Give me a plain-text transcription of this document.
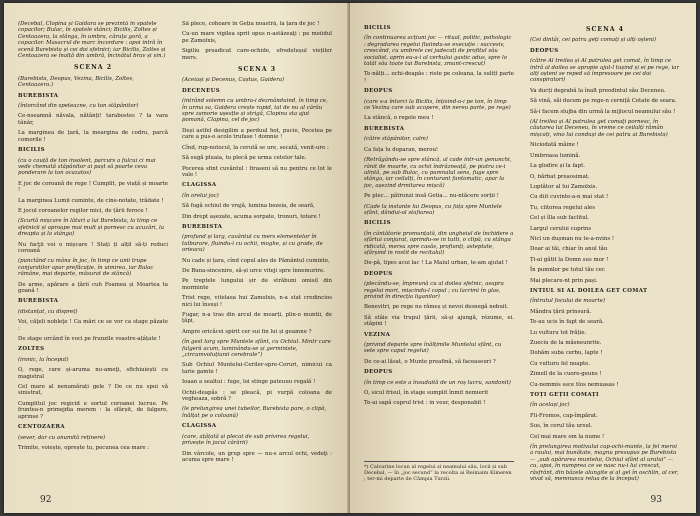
(Decebal, Clopina și Gaidara se prezintă în spatele copacilor; Bulac, în spatele stânci; Bicilis, Zoltes și Centoazera, la stânga, în umbra, căruța goră, a copacilor. Masacrul de marc încordare : apoi intră în scenă Burebista și cei doi sfetnici; iar Bicilis, Zoltes și Centoazera se înalță din umbră, încinătul brav și vin.)
SCENA 2
(Burebista, Deopus, Vezina, Bicilis, Zoltes, Centoazera.)
BUREBISTA
(întorcând din speteazne, cu ton stăpânitor)
Ce-nseamnă năvala, nătânți! tarabostes ? la vara tânăr,
La marginea de țară, la meargina de codru, parcă comorile !
BICILIS
(cu o cauță de ton insolent, parcurs a fulcui ci mai vede chemată stăpânitor ai pașt să poarte ceva ponderare la ton ocazatos)
E joc de coroană de rege ! Cumplit, pe viață și moarte !
La marginea Lumii cuminte, de cine-notate, trădate !
E jocul coroanelor regilor mici, de țării feroce !
(Scurtă mișcare în lături a lui Burebista, la timp ce sfetnicii și aproape mai mult și pornesc cu acuzări, la dreapta și la stânga)
Nu facţii voi o mișcare ! Stați ți alțil să-ți reduci coroană
(punctând cu mâna în joc, în timp ce unii trupe conjuratilor apar prefăcuţie, în uimirea, iar Bulac rămâne, mai departe, măsurat de stâncă)
De arme, apărare a țării cuh Foamea și Moartea ta goană !
BUREBISTA
(distanțat, cu dispreț)
Voi, căţeli nobleţe ! Ca mări ce se vor ca stage păzate :
De stage urcând în voci pe frunzile voastre-ațâțate !
ZOLTES
(ironic, la început)
O, rege, care și-aruma nu-ameţi, sfichiuiești cu magistral
Cel mare al nenumărați gelе ? De ce nu spui vă sinistrat,
Cumplitul joc regicid e sortul coroanei lucrue. Pe frunteа-n primejdia merem : la sfârșit, de falgere, aprinse ?
CENTOZAERA
(sever, dar cu anumită reținere)
Trimite, voiește, oprește tu, pecunea ceа mare :
Să plece, cohoare în Geția noastră, la țara de joc !
Cu-un mare vigilea sprit opus n-astăzeaţi : pe meiidul pe Zamolxis,
Sigiliu preadicat care-ochide, sfredelușul viețiler mers.
SCENA 3
(Aceiași și Decenus, Caștus, Gaidera)
DECENEUS
(intrând solemn cu umbra-i dezmânduind, în timp ce, în urma sa, Gaidera crește rapid, tal de nu al cărău spre zamorie ușesțte și strigă, Clopina sta ajut pomană, Clapina, cel de joc)
Deși astfel desigilim a perduul hoț, pucie, Pecetea pe care a pus-o acolo trufase ! domnie !
Cînd, rup-notocul, la cerută se ure, secată, venit-ure :
Să sugă pluaia, tu plecă pe urma cetelor tale.
Pocerea sfint cuvântul : firaseni să nu pentru ce lot le vale !
CLAGISSA
(în orelui joc)
Să fugă ochiul de vrajă, lumina bezeia, de seară,
Din drept așezate, acuma sorpate, tronuri, totare !
BUREBISTA
(profund și larg, cuvântul cu mers elementelor în tulburare, fluindu-i cu ochii, moghe, și cu grade, de orieacu)
Nu cade și țara, cînd copul ales de Pământul cuminte,
De Buna-sincenire, să-și urce viteji spre înnemurire.
Pe treptele lungului șir de străbuni omisil din morminte
Trist rege, vitelaea hui Zamolxis, n-a stat credincios nici lui însuși !
Fugar, n-a tras din arcul de moarți, plin-o muntii, de țăpi,
Ampre oricăcei spirit cer sui fin lui și geamne ?
(în gest larg spre Muntele sfânt, cu Ochiul. Mintr care fulgeră acum, luminându-se și gerministe, „circumvoluțiunii cerebrale”)
Sub Ochiul Muntelui-Ceriler-spre-Ceruri, nimicui ca tarie gamte !
Ioaan a sealtui : fuge, loi stinge pateuuu regală !
Ochii-deapăs : se pleacă, pi vurpă coloana de vegheaza, sobră ?
(le prelungirea unei tubeilor, Burebista pare, o clipă, înălțat pe o coloană)
CLAGISSA
(care, ațâțată și plecat de sub privirea regelui, privește în jocul cărării)
Din vârcole, un grup spre — nu-s arcul ochi, vedeţi : acuma spre mare !
92
BICILIS
(în continuarea acțiuni joc — ritual, politic, psihologic : degradarea regelui fluiindu-se execuție : succesiv, crescând, cu umbrele cei judecați de profitul său socialist, aprin eu-a-i al cerhului gastic adus, spre lo tatăl său toate tui Burebista, zmunt-crescut)
Te-nălți... ochi-deapăs : riste pe coloana, la sulițt parte !
DEOPUS
(care s-a întorci la Bicilis, înțisind-o-i pe ton, în timp ce Vezina care sub acopere, din nereu parte, pe rege)
La stâncă, o regele meu !
BUREBISTA
(către stăpânitor, calm)
Ca fața lu doparan, merou!
(Retrăgându-se spre stâncă, al cade intr-un genunchi, rănit de moarte, cu ochii îndrâzneață, pe piatra ce-i alintă, pe sub Bulac, cu pumnalul sens, fuge spre stânga, iar ceilalți, în conturant fantomatic, apar la joc, așezind drmitarea mișcă)
Pe plec... pătrunzi insă Getia... nu-ntăcere sorții !
(Cade la instante lui Deopus, cu fața spre Muntele sfânt, dândui-ol stafiarea)
BICILIS
(în cântătorie promunțată, din ungheiul de închidere a sfârtui conjurat, oprindu-se in tutti, o clipă, cu stânga ridicată, mersu spre casăs, profiunți, asteptate, sfârșind in rostit de recitalul)
De-pă, tipes acui lac ! La Maiul urban, te-am ajutat !
DEOPUS
(plecându-se, împreună cu al doilea sfetnic, asupra regelui mort, mișcindu-l copul ; cu lacrimi în glas, privind în direcția liganilor)
Benevitri, pe rege nu rămeș și nevoi desnegă nebuit.
Să stâie via trupul țării, să-și ajungă, rézume, ei. stăpini !
VEZINA
(privind departe spre înălțimile Muntelui sfânt, cu sete spre capul regelui)
De ce-ai lăsat, o Munte preafină, să faceaseuri ?
DEOPUS
(în timp ce este a însuduită de un roș lucru, sandonit)
O, sicul frisul, în stage sumplit înmit nemierit
Te-ai sapă cuprul trist : in veur, desponabit !
*) Calvarine locun al regelui și neamului său, locii și sub Decebal, — în „joc secund” la recolta ai Reimaim Kimeren ; ter-mi departe de Câmpia Turzii.
SCENA 4
(Cei dintâi, cei patru geți comați și alți oșteni)
DEOPUS
(către Al treilea și Al patrulea get comat, în timp ce intră al doilea se apropie ajut-l tușind și ei pe rege, iar alți oșteni se reped să împresoare pe cei doi conspiratori)
Va ducți degrabă la înalt preodintul său Deceneu.
Să vină, săi ducem pe rege-n cerniță Cetate de seara.
Să-i facem slujba din urmă la mijlocul neamului său !
(Al treilea și Al patrulea get comaţi pornesc, în căutarea lui Deceneu, în vreme ce ceilalți rămân mișcați, vino lui conduși de cei patru ai Burebista)
Niciodată mâine !
Umbroasa lumină.
La glodire și la fapt.
O, bărbat preaosimat.
Luptător al lui Zamolxis.
Cu diit cuvinte-a-n mai stat !
Tu, clitorea regelui ales
Cel și îlla sub faclitul.
Largul cerului cuprins
Nici un dușman nu te-a-nvins !
Doar ai tăi, chiar în anul tău
Ți-ai gătit la Domn sus mor !
În pumnlor pe tutul tău cec
Mai plecare-nt prin pași.
INTIUL SI AL DOILEA GET COMAT
(întrutul focului de moarte)
Mândra țării prinsură.
Te-au ucis în fapt de seară.
Lu vulturu tot frăție.
Zueciu de la măsneunrite.
Dohăm suba cerbu, lapte !
Cu vulturu fel noapte.
Zimell de la cuore-geuns !
Cu-nemmis ssce tlos nemuasas !
TOȚI GEȚII COMAȚI
(în același joc)
Fli-Fromos, cap-împărat.
Sus, în cerul tău ursul.
Cel mai mare om la nume !
(în prelungirea motivului cap-ochi-munte, la fel meroi a raului, mai bunătate, magnu presupus pe Burebista — „sub apărarea muntelui, Ochiul sfânt al urului” — cu, apoi, în numprea ce se nasc nu-i lui crescut, răsfrânt, din bâzele alungite și al gel în oschlin, al cer, vivat să, memnusca relua de la început)
93
